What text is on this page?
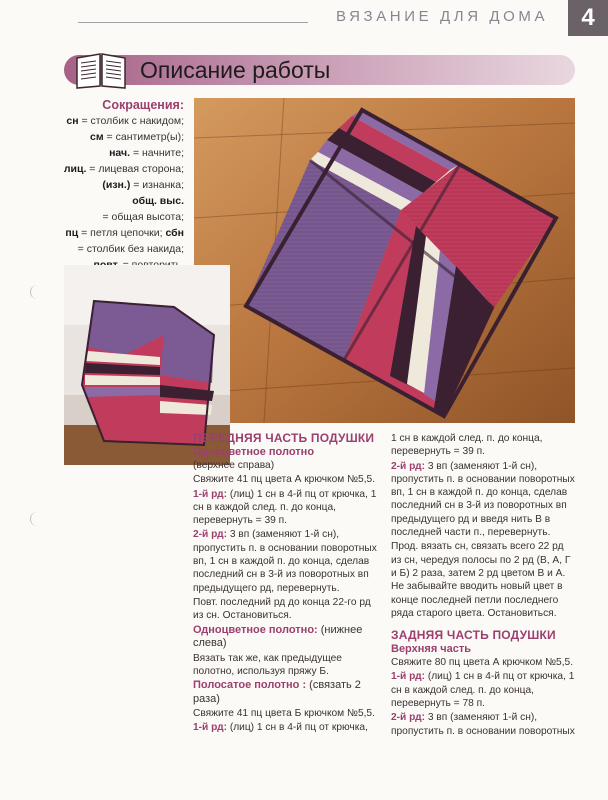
ВЯЗАНИЕ ДЛЯ ДОМА	4
Описание работы
Сокращения:
сн = столбик с накидом;
см = сантиметр(ы);
нач. = начните;
лиц. = лицевая сторона;
(изн.) = изнанка;
общ. выс.
= общая высота;
пц = петля цепочки; сбн
= столбик без накида;

ПЕРЕДНЯЯ ЧАСТЬ ПОДУШКИ
Одноцветное полотно

(верхнее справа)

Свяжите 41 пц цвета А крючком №5,5.

1-й рд: (лиц) 1 сн в 4-й пц от крючка, 1 сн в каждой след. п. до конца, перевернуть = 39 п.

2-й рд: 3 вп (заменяют 1-й сн), пропустить п. в основании поворотных вп, 1 сн в каждой п. до конца, сделав последний сн в 3-й из поворотных вп предыдущего рд, перевернуть.

Повт. последний рд до конца 22-го рд из сн. Остановиться.

Одноцветное полотно: (нижнее слева)

Вязать так же, как предыдущее полотно, используя пряжу Б.

Полосатое полотно : (связать 2 раза)

Свяжите 41 пц цвета Б крючком №5,5.

1-й рд: (лиц) 1 сн в 4-й пц от крючка,

1 сн в каждой след. п. до конца, перевернуть = 39 п.

2-й рд: 3 вп (заменяют 1-й сн), пропустить п. в основании поворотных вп, 1 сн в каждой п. до конца, сделав последний сн в 3-й из поворотных вп предыдущего рд и введя нить В в последней части п., перевернуть.

Прод. вязать сн, связать всего 22 рд из сн, чередуя полосы по 2 рд (В, А, Г и Б) 2 раза, затем 2 рд цветом В и А. Не забывайте вводить новый цвет в конце последней петли последнего ряда старого цвета. Остановиться.

ЗАДНЯЯ ЧАСТЬ ПОДУШКИ
Верхняя часть

Свяжите 80 пц цвета А крючком №5,5.

1-й рд: (лиц) 1 сн в 4-й пц от крючка, 1 сн в каждой след. п. до конца, перевернуть = 78 п.

2-й рд: 3 вп (заменяют 1-й сн), пропустить п. в основании поворотных
